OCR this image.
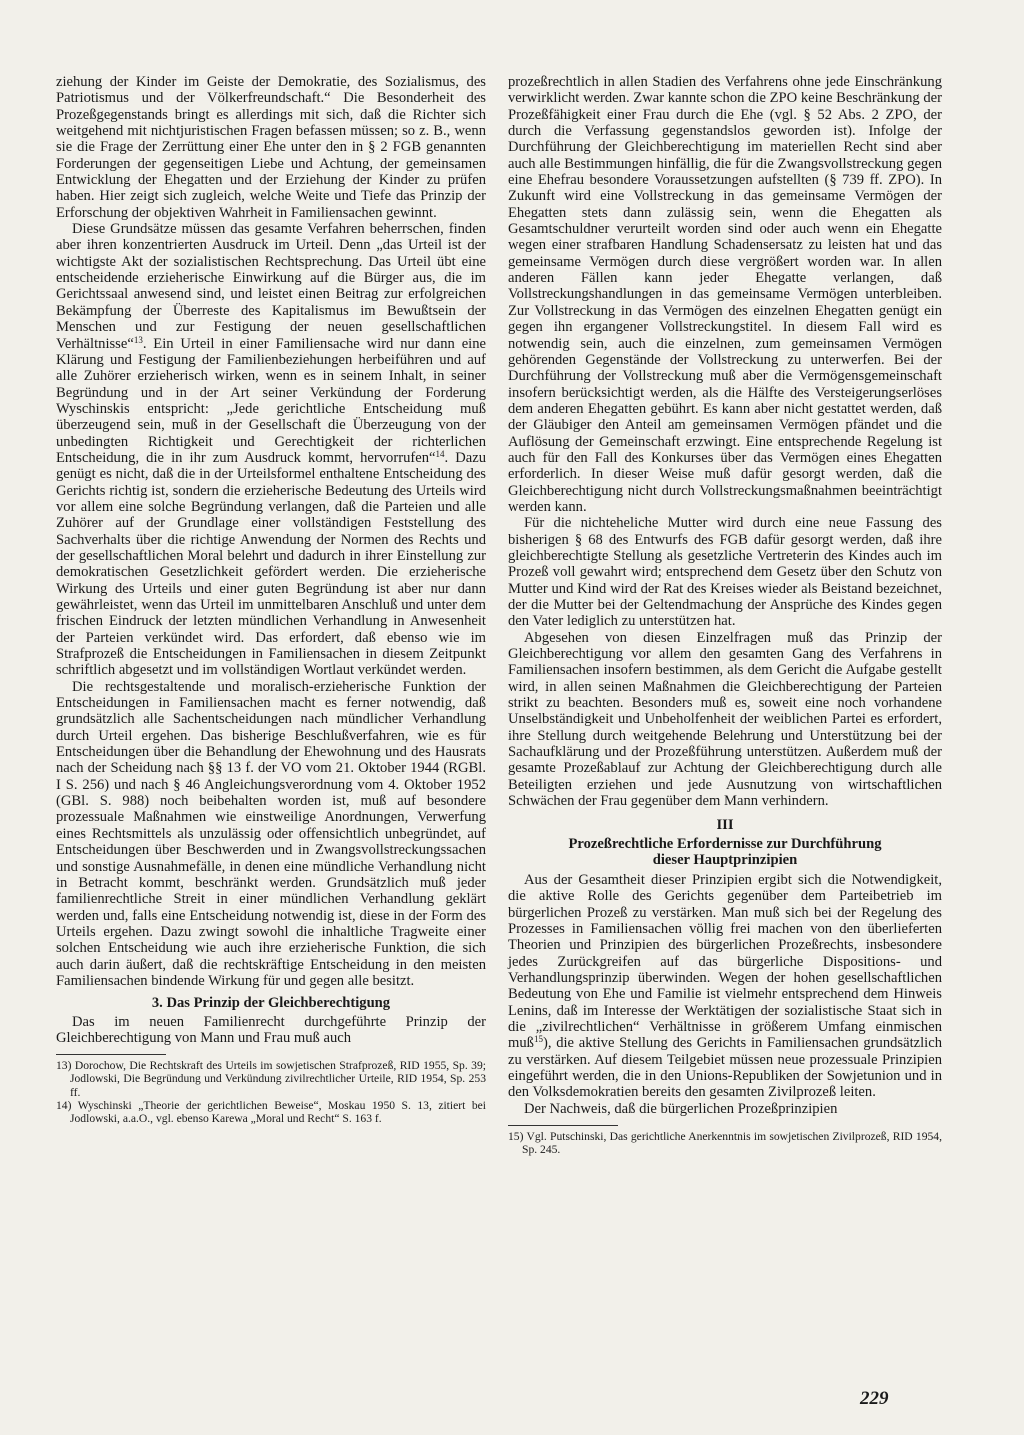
ziehung der Kinder im Geiste der Demokratie, des Sozialismus, des Patriotismus und der Völkerfreundschaft.“ Die Besonderheit des Prozeßgegenstands bringt es allerdings mit sich, daß die Richter sich weitgehend mit nichtjuristischen Fragen befassen müssen; so z. B., wenn sie die Frage der Zerrüttung einer Ehe unter den in § 2 FGB genannten Forderungen der gegenseitigen Liebe und Achtung, der gemeinsamen Entwicklung der Ehegatten und der Erziehung der Kinder zu prüfen haben. Hier zeigt sich zugleich, welche Weite und Tiefe das Prinzip der Erforschung der objektiven Wahrheit in Familiensachen gewinnt.

Diese Grundsätze müssen das gesamte Verfahren beherrschen, finden aber ihren konzentrierten Ausdruck im Urteil. Denn „das Urteil ist der wichtigste Akt der sozialistischen Rechtsprechung. Das Urteil übt eine entscheidende erzieherische Einwirkung auf die Bürger aus, die im Gerichtssaal anwesend sind, und leistet einen Beitrag zur erfolgreichen Bekämpfung der Überreste des Kapitalismus im Bewußtsein der Menschen und zur Festigung der neuen gesellschaftlichen Verhältnisse“$^{13}$. Ein Urteil in einer Familiensache wird nur dann eine Klärung und Festigung der Familienbeziehungen herbeiführen und auf alle Zuhörer erzieherisch wirken, wenn es in seinem Inhalt, in seiner Begründung und in der Art seiner Verkündung der Forderung Wyschinskis entspricht: „Jede gerichtliche Entscheidung muß überzeugend sein, muß in der Gesellschaft die Überzeugung von der unbedingten Richtigkeit und Gerechtigkeit der richterlichen Entscheidung, die in ihr zum Ausdruck kommt, hervorrufen“$^{14}$. Dazu genügt es nicht, daß die in der Urteilsformel enthaltene Entscheidung des Gerichts richtig ist, sondern die erzieherische Bedeutung des Urteils wird vor allem eine solche Begründung verlangen, daß die Parteien und alle Zuhörer auf der Grundlage einer vollständigen Feststellung des Sachverhalts über die richtige Anwendung der Normen des Rechts und der gesellschaftlichen Moral belehrt und dadurch in ihrer Einstellung zur demokratischen Gesetzlichkeit gefördert werden. Die erzieherische Wirkung des Urteils und einer guten Begründung ist aber nur dann gewährleistet, wenn das Urteil im unmittelbaren Anschluß und unter dem frischen Eindruck der letzten mündlichen Verhandlung in Anwesenheit der Parteien verkündet wird. Das erfordert, daß ebenso wie im Strafprozeß die Entscheidungen in Familiensachen in diesem Zeitpunkt schriftlich abgesetzt und im vollständigen Wortlaut verkündet werden.

Die rechtsgestaltende und moralisch-erzieherische Funktion der Entscheidungen in Familiensachen macht es ferner notwendig, daß grundsätzlich alle Sachentscheidungen nach mündlicher Verhandlung durch Urteil ergehen. Das bisherige Beschlußverfahren, wie es für Entscheidungen über die Behandlung der Ehewohnung und des Hausrats nach der Scheidung nach §§ 13 f. der VO vom 21. Oktober 1944 (RGBl. I S. 256) und nach § 46 Angleichungsverordnung vom 4. Oktober 1952 (GBl. S. 988) noch beibehalten worden ist, muß auf besondere prozessuale Maßnahmen wie einstweilige Anordnungen, Verwerfung eines Rechtsmittels als unzulässig oder offensichtlich unbegründet, auf Entscheidungen über Beschwerden und in Zwangsvollstreckungssachen und sonstige Ausnahmefälle, in denen eine mündliche Verhandlung nicht in Betracht kommt, beschränkt werden. Grundsätzlich muß jeder familienrechtliche Streit in einer mündlichen Verhandlung geklärt werden und, falls eine Entscheidung notwendig ist, diese in der Form des Urteils ergehen. Dazu zwingt sowohl die inhaltliche Tragweite einer solchen Entscheidung wie auch ihre erzieherische Funktion, die sich auch darin äußert, daß die rechtskräftige Entscheidung in den meisten Familiensachen bindende Wirkung für und gegen alle besitzt.

3. Das Prinzip der Gleichberechtigung

Das im neuen Familienrecht durchgeführte Prinzip der Gleichberechtigung von Mann und Frau muß auch

13) Dorochow, Die Rechtskraft des Urteils im sowjetischen Strafprozeß, RID 1955, Sp. 39; Jodlowski, Die Begründung und Verkündung zivilrechtlicher Urteile, RID 1954, Sp. 253 ff.

14) Wyschinski „Theorie der gerichtlichen Beweise“, Moskau 1950 S. 13, zitiert bei Jodlowski, a.a.O., vgl. ebenso Karewa „Moral und Recht“ S. 163 f.

prozeßrechtlich in allen Stadien des Verfahrens ohne jede Einschränkung verwirklicht werden. Zwar kannte schon die ZPO keine Beschränkung der Prozeßfähigkeit einer Frau durch die Ehe (vgl. § 52 Abs. 2 ZPO, der durch die Verfassung gegenstandslos geworden ist). Infolge der Durchführung der Gleichberechtigung im materiellen Recht sind aber auch alle Bestimmungen hinfällig, die für die Zwangsvollstreckung gegen eine Ehefrau besondere Voraussetzungen aufstellten (§ 739 ff. ZPO). In Zukunft wird eine Vollstreckung in das gemeinsame Vermögen der Ehegatten stets dann zulässig sein, wenn die Ehegatten als Gesamtschuldner verurteilt worden sind oder auch wenn ein Ehegatte wegen einer strafbaren Handlung Schadensersatz zu leisten hat und das gemeinsame Vermögen durch diese vergrößert worden war. In allen anderen Fällen kann jeder Ehegatte verlangen, daß Vollstreckungshandlungen in das gemeinsame Vermögen unterbleiben. Zur Vollstreckung in das Vermögen des einzelnen Ehegatten genügt ein gegen ihn ergangener Vollstreckungstitel. In diesem Fall wird es notwendig sein, auch die einzelnen, zum gemeinsamen Vermögen gehörenden Gegenstände der Vollstreckung zu unterwerfen. Bei der Durchführung der Vollstreckung muß aber die Vermögensgemeinschaft insofern berücksichtigt werden, als die Hälfte des Versteigerungserlöses dem anderen Ehegatten gebührt. Es kann aber nicht gestattet werden, daß der Gläubiger den Anteil am gemeinsamen Vermögen pfändet und die Auflösung der Gemeinschaft erzwingt. Eine entsprechende Regelung ist auch für den Fall des Konkurses über das Vermögen eines Ehegatten erforderlich. In dieser Weise muß dafür gesorgt werden, daß die Gleichberechtigung nicht durch Vollstreckungsmaßnahmen beeinträchtigt werden kann.

Für die nichteheliche Mutter wird durch eine neue Fassung des bisherigen § 68 des Entwurfs des FGB dafür gesorgt werden, daß ihre gleichberechtigte Stellung als gesetzliche Vertreterin des Kindes auch im Prozeß voll gewahrt wird; entsprechend dem Gesetz über den Schutz von Mutter und Kind wird der Rat des Kreises wieder als Beistand bezeichnet, der die Mutter bei der Geltendmachung der Ansprüche des Kindes gegen den Vater lediglich zu unterstützen hat.

Abgesehen von diesen Einzelfragen muß das Prinzip der Gleichberechtigung vor allem den gesamten Gang des Verfahrens in Familiensachen insofern bestimmen, als dem Gericht die Aufgabe gestellt wird, in allen seinen Maßnahmen die Gleichberechtigung der Parteien strikt zu beachten. Besonders muß es, soweit eine noch vorhandene Unselbständigkeit und Unbeholfenheit der weiblichen Partei es erfordert, ihre Stellung durch weitgehende Belehrung und Unterstützung bei der Sachaufklärung und der Prozeßführung unterstützen. Außerdem muß der gesamte Prozeßablauf zur Achtung der Gleichberechtigung durch alle Beteiligten erziehen und jede Ausnutzung von wirtschaftlichen Schwächen der Frau gegenüber dem Mann verhindern.

III
Prozeßrechtliche Erfordernisse zur Durchführung
dieser Hauptprinzipien

Aus der Gesamtheit dieser Prinzipien ergibt sich die Notwendigkeit, die aktive Rolle des Gerichts gegenüber dem Parteibetrieb im bürgerlichen Prozeß zu verstärken. Man muß sich bei der Regelung des Prozesses in Familiensachen völlig frei machen von den überlieferten Theorien und Prinzipien des bürgerlichen Prozeßrechts, insbesondere jedes Zurückgreifen auf das bürgerliche Dispositions- und Verhandlungsprinzip überwinden. Wegen der hohen gesellschaftlichen Bedeutung von Ehe und Familie ist vielmehr entsprechend dem Hinweis Lenins, daß im Interesse der Werktätigen der sozialistische Staat sich in die „zivilrechtlichen“ Verhältnisse in größerem Umfang einmischen muß$^{15}$), die aktive Stellung des Gerichts in Familiensachen grundsätzlich zu verstärken. Auf diesem Teilgebiet müssen neue prozessuale Prinzipien eingeführt werden, die in den Unions-Republiken der Sowjetunion und in den Volksdemokratien bereits den gesamten Zivilprozeß leiten.

Der Nachweis, daß die bürgerlichen Prozeßprinzipien

15) Vgl. Putschinski, Das gerichtliche Anerkenntnis im sowjetischen Zivilprozeß, RID 1954, Sp. 245.

229
